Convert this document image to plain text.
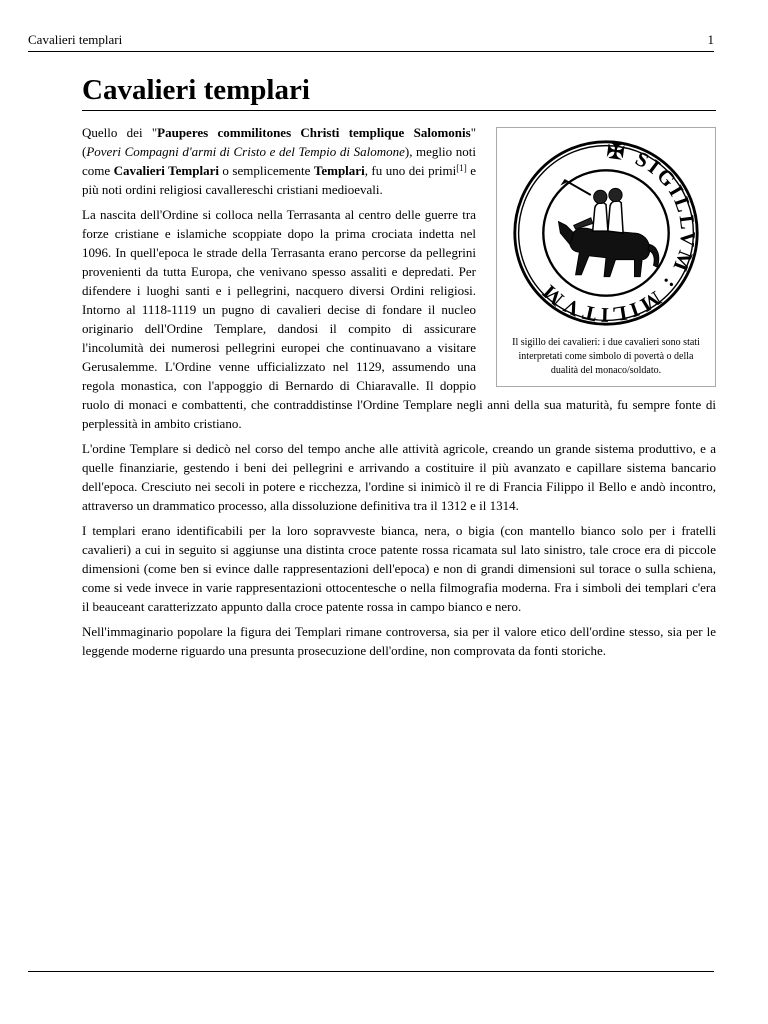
Cavalieri templari	1
Cavalieri templari
✠ SIGILLVM : MILITVM
Il sigillo dei cavalieri: i due cavalieri sono stati interpretati come simbolo di povertà o della dualità del monaco/soldato.

Quello dei "Pauperes commilitones Christi templique Salomonis" (Poveri Compagni d'armi di Cristo e del Tempio di Salomone), meglio noti come Cavalieri Templari o semplicemente Templari, fu uno dei primi[1] e più noti ordini religiosi cavallereschi cristiani medioevali.

La nascita dell'Ordine si colloca nella Terrasanta al centro delle guerre tra forze cristiane e islamiche scoppiate dopo la prima crociata indetta nel 1096. In quell'epoca le strade della Terrasanta erano percorse da pellegrini provenienti da tutta Europa, che venivano spesso assaliti e depredati. Per difendere i luoghi santi e i pellegrini, nacquero diversi Ordini religiosi. Intorno al 1118-1119 un pugno di cavalieri decise di fondare il nucleo originario dell'Ordine Templare, dandosi il compito di assicurare l'incolumità dei numerosi pellegrini europei che continuavano a visitare Gerusalemme. L'Ordine venne ufficializzato nel 1129, assumendo una regola monastica, con l'appoggio di Bernardo di Chiaravalle. Il doppio ruolo di monaci e combattenti, che contraddistinse l'Ordine Templare negli anni della sua maturità, fu sempre fonte di perplessità in ambito cristiano.

L'ordine Templare si dedicò nel corso del tempo anche alle attività agricole, creando un grande sistema produttivo, e a quelle finanziarie, gestendo i beni dei pellegrini e arrivando a costituire il più avanzato e capillare sistema bancario dell'epoca. Cresciuto nei secoli in potere e ricchezza, l'ordine si inimicò il re di Francia Filippo il Bello e andò incontro, attraverso un drammatico processo, alla dissoluzione definitiva tra il 1312 e il 1314.

I templari erano identificabili per la loro sopravveste bianca, nera, o bigia (con mantello bianco solo per i fratelli cavalieri) a cui in seguito si aggiunse una distinta croce patente rossa ricamata sul lato sinistro, tale croce era di piccole dimensioni (come ben si evince dalle rappresentazioni dell'epoca) e non di grandi dimensioni sul torace o sulla schiena, come si vede invece in varie rappresentazioni ottocentesche o nella filmografia moderna. Fra i simboli dei templari c'era il beauceant caratterizzato appunto dalla croce patente rossa in campo bianco e nero.

Nell'immaginario popolare la figura dei Templari rimane controversa, sia per il valore etico dell'ordine stesso, sia per le leggende moderne riguardo una presunta prosecuzione dell'ordine, non comprovata da fonti storiche.
